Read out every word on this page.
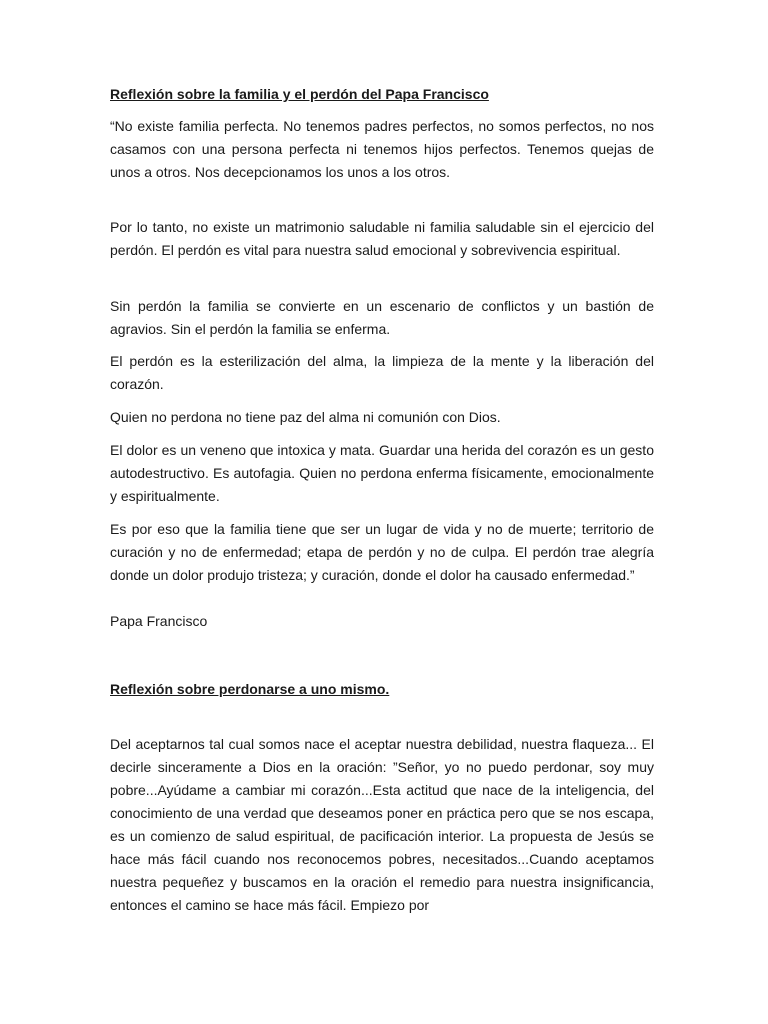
Reflexión sobre la familia y el perdón del Papa Francisco

“No existe familia perfecta. No tenemos padres perfectos, no somos perfectos, no nos casamos con una persona perfecta ni tenemos hijos perfectos. Tenemos quejas de unos a otros. Nos decepcionamos los unos a los otros.

Por lo tanto, no existe un matrimonio saludable ni familia saludable sin el ejercicio del perdón. El perdón es vital para nuestra salud emocional y sobrevivencia espiritual.

Sin perdón la familia se convierte en un escenario de conflictos y un bastión de agravios. Sin el perdón la familia se enferma.

El perdón es la esterilización del alma, la limpieza de la mente y la liberación del corazón.

Quien no perdona no tiene paz del alma ni comunión con Dios.

El dolor es un veneno que intoxica y mata. Guardar una herida del corazón es un gesto autodestructivo. Es autofagia. Quien no perdona enferma físicamente, emocionalmente y espiritualmente.

Es por eso que la familia tiene que ser un lugar de vida y no de muerte; territorio de curación y no de enfermedad; etapa de perdón y no de culpa. El perdón trae alegría donde un dolor produjo tristeza; y curación, donde el dolor ha causado enfermedad.”

Papa Francisco

Reflexión sobre perdonarse a uno mismo.

Del aceptarnos tal cual somos nace el aceptar nuestra debilidad, nuestra flaqueza... El decirle sinceramente a Dios en la oración: ”Señor, yo no puedo perdonar, soy muy pobre...Ayúdame a cambiar mi corazón...Esta actitud que nace de la inteligencia, del conocimiento de una verdad que deseamos poner en práctica pero que se nos escapa, es un comienzo de salud espiritual, de pacificación interior. La propuesta de Jesús se hace más fácil cuando nos reconocemos pobres, necesitados...Cuando aceptamos nuestra pequeñez y buscamos en la oración el remedio para nuestra insignificancia, entonces el camino se hace más fácil. Empiezo por
